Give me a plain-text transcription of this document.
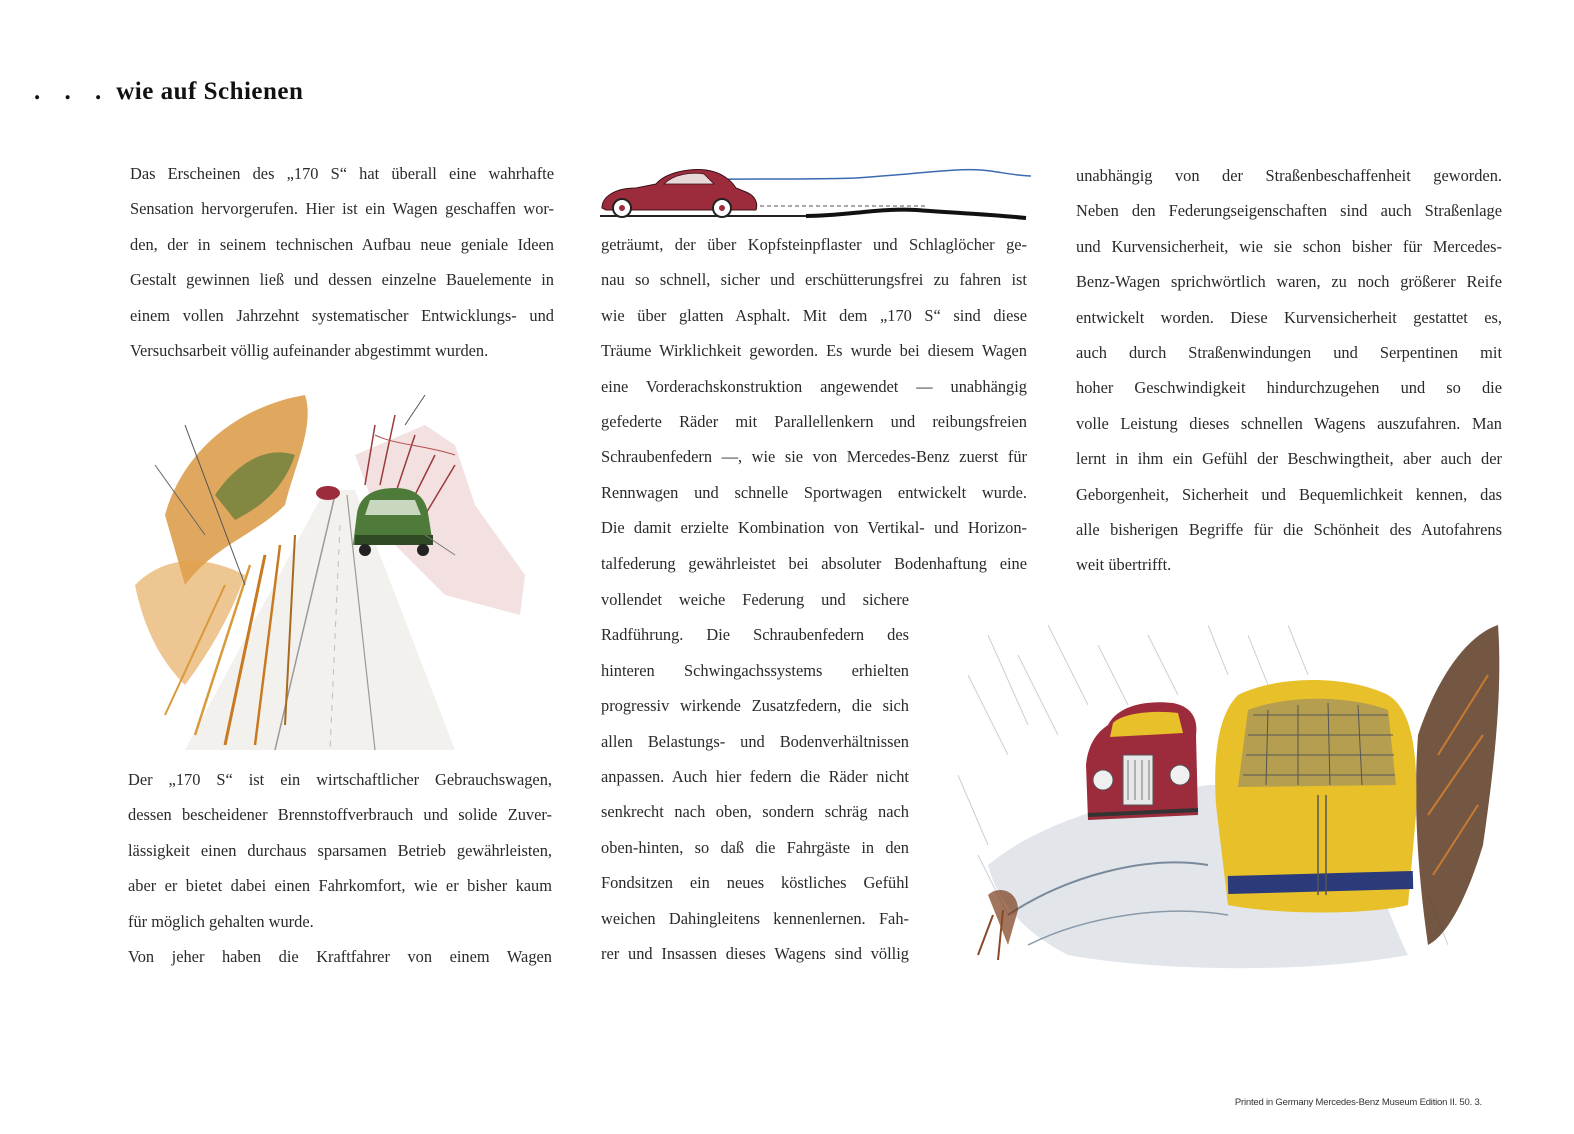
. . . wie auf Schienen
Das Erscheinen des „170 S“ hat überall eine wahrhafte
Sensation hervorgerufen. Hier ist ein Wagen geschaffen wor-
den, der in seinem technischen Aufbau neue geniale Ideen
Gestalt gewinnen ließ und dessen einzelne Bauelemente in
einem vollen Jahrzehnt systematischer Entwicklungs- und
Versuchsarbeit völlig aufeinander abgestimmt wurden.
Der „170 S“ ist ein wirtschaftlicher Gebrauchswagen,
dessen bescheidener Brennstoffverbrauch und solide Zuver-
lässigkeit einen durchaus sparsamen Betrieb gewährleisten,
aber er bietet dabei einen Fahrkomfort, wie er bisher kaum
für möglich gehalten wurde.
Von jeher haben die Kraftfahrer von einem Wagen
geträumt, der über Kopfsteinpflaster und Schlaglöcher ge-
nau so schnell, sicher und erschütterungsfrei zu fahren ist
wie über glatten Asphalt. Mit dem „170 S“ sind diese
Träume Wirklichkeit geworden. Es wurde bei diesem Wagen
eine Vorderachskonstruktion angewendet — unabhängig
gefederte Räder mit Parallellenkern und reibungsfreien
Schraubenfedern —, wie sie von Mercedes-Benz zuerst für
Rennwagen und schnelle Sportwagen entwickelt wurde.
Die damit erzielte Kombination von Vertikal- und Horizon-
talfederung gewährleistet bei absoluter Bodenhaftung eine
vollendet weiche Federung und sichere
Radführung. Die Schraubenfedern des
hinteren Schwingachssystems erhielten
progressiv wirkende Zusatzfedern, die sich
allen Belastungs- und Bodenverhältnissen
anpassen. Auch hier federn die Räder nicht
senkrecht nach oben, sondern schräg nach
oben-hinten, so daß die Fahrgäste in den
Fondsitzen ein neues köstliches Gefühl
weichen Dahingleitens kennenlernen. Fah-
rer und Insassen dieses Wagens sind völlig
unabhängig von der Straßenbeschaffenheit geworden.
Neben den Federungseigenschaften sind auch Straßenlage
und Kurvensicherheit, wie sie schon bisher für Mercedes-
Benz-Wagen sprichwörtlich waren, zu noch größerer Reife
entwickelt worden. Diese Kurvensicherheit gestattet es,
auch durch Straßenwindungen und Serpentinen mit
hoher Geschwindigkeit hindurchzugehen und so die
volle Leistung dieses schnellen Wagens auszufahren. Man
lernt in ihm ein Gefühl der Beschwingtheit, aber auch der
Geborgenheit, Sicherheit und Bequemlichkeit kennen, das
alle bisherigen Begriffe für die Schönheit des Autofahrens
weit übertrifft.
Printed in Germany Mercedes-Benz Museum Edition II. 50. 3.
